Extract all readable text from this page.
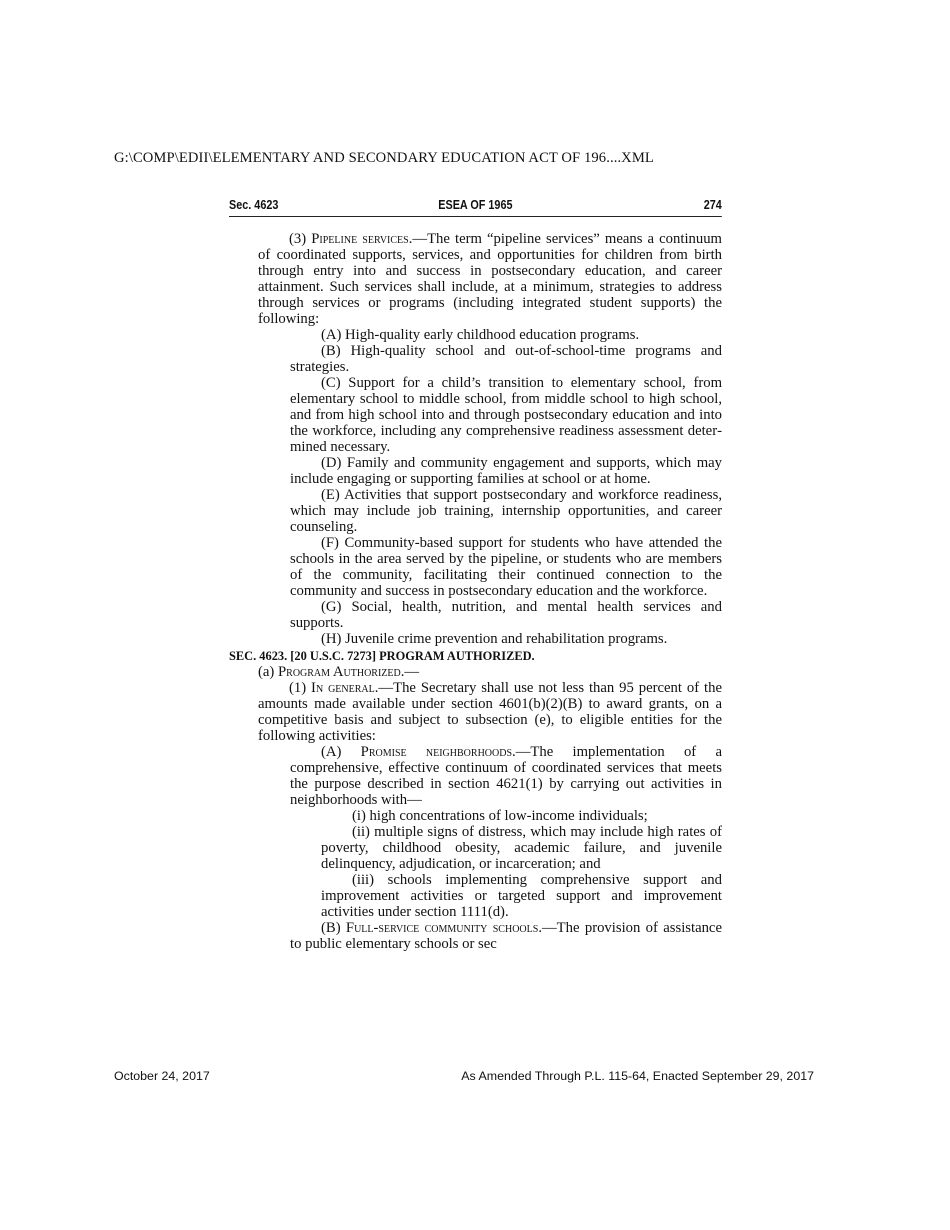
G:\COMP\EDII\ELEMENTARY AND SECONDARY EDUCATION ACT OF 196....XML
Sec. 4623	ESEA OF 1965	274
(3) Pipeline services.—The term “pipeline services” means a continuum of coordinated supports, services, and opportunities for children from birth through entry into and success in postsecondary education, and career attainment. Such services shall include, at a minimum, strategies to address through services or programs (including integrated student supports) the following:
(A) High-quality early childhood education programs.
(B) High-quality school and out-of-school-time programs and strategies.
(C) Support for a child’s transition to elementary school, from elementary school to middle school, from middle school to high school, and from high school into and through postsecondary education and into the workforce, including any comprehensive readiness assessment determined necessary.
(D) Family and community engagement and supports, which may include engaging or supporting families at school or at home.
(E) Activities that support postsecondary and workforce readiness, which may include job training, internship opportunities, and career counseling.
(F) Community-based support for students who have attended the schools in the area served by the pipeline, or students who are members of the community, facilitating their continued connection to the community and success in postsecondary education and the workforce.
(G) Social, health, nutrition, and mental health services and supports.
(H) Juvenile crime prevention and rehabilitation programs.
SEC. 4623. [20 U.S.C. 7273] PROGRAM AUTHORIZED.
(a) Program Authorized.—
(1) In general.—The Secretary shall use not less than 95 percent of the amounts made available under section 4601(b)(2)(B) to award grants, on a competitive basis and subject to subsection (e), to eligible entities for the following activities:
(A) Promise neighborhoods.—The implementation of a comprehensive, effective continuum of coordinated services that meets the purpose described in section 4621(1) by carrying out activities in neighborhoods with—
(i) high concentrations of low-income individuals;
(ii) multiple signs of distress, which may include high rates of poverty, childhood obesity, academic failure, and juvenile delinquency, adjudication, or incarceration; and
(iii) schools implementing comprehensive support and improvement activities or targeted support and improvement activities under section 1111(d).
(B) Full-service community schools.—The provision of assistance to public elementary schools or sec
October 24, 2017	As Amended Through P.L. 115-64, Enacted September 29, 2017
